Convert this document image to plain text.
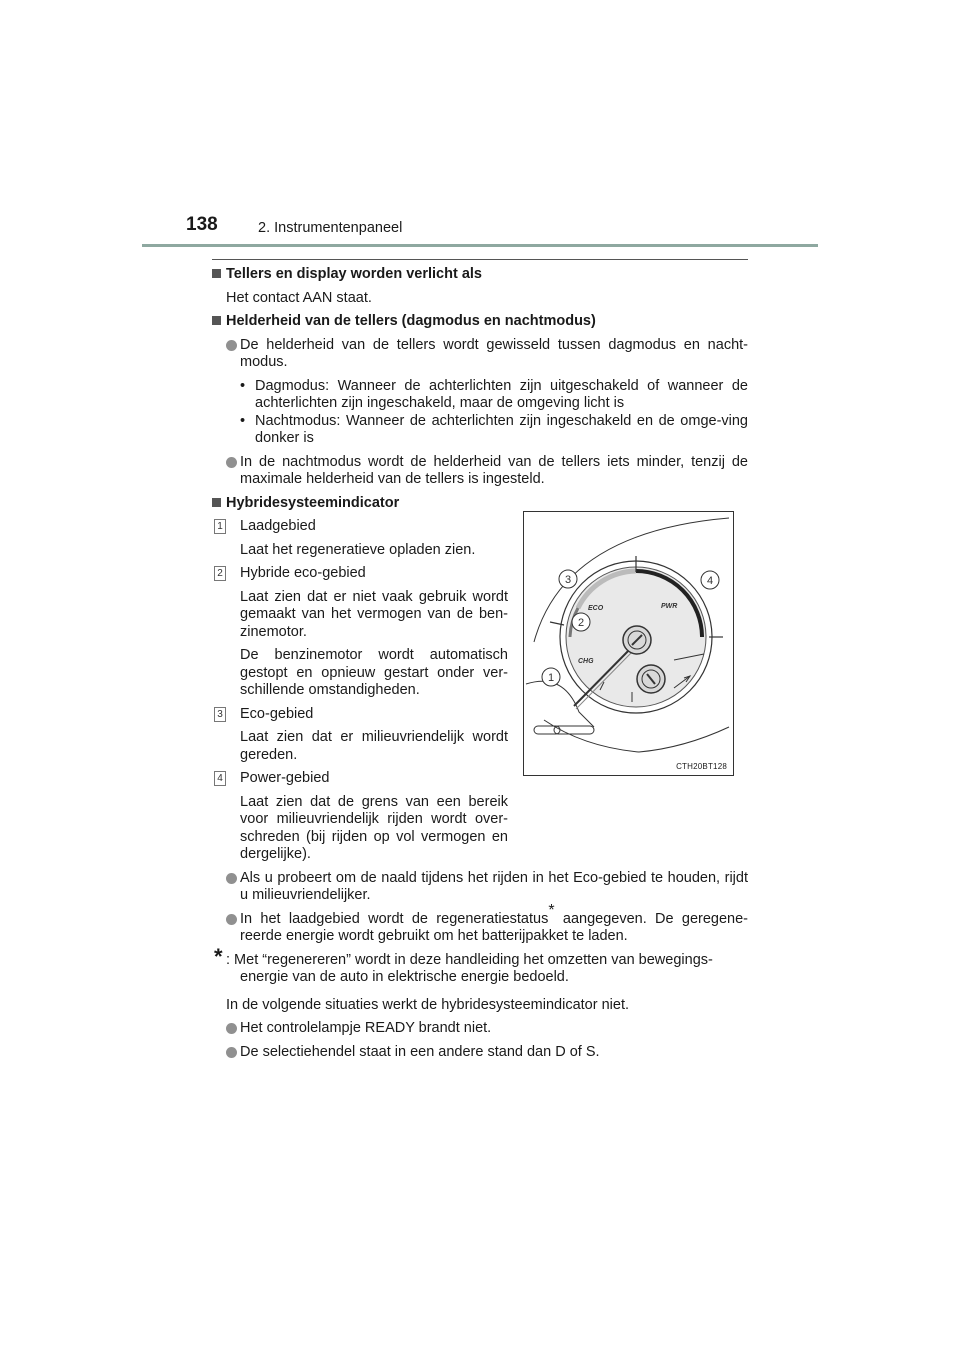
138	2. Instrumentenpaneel

Tellers en display worden verlicht als

Het contact AAN staat.

Helderheid van de tellers (dagmodus en nachtmodus)

De helderheid van de tellers wordt gewisseld tussen dagmodus en nacht-modus.

• Dagmodus: Wanneer de achterlichten zijn uitgeschakeld of wanneer de achterlichten zijn ingeschakeld, maar de omgeving licht is

• Nachtmodus: Wanneer de achterlichten zijn ingeschakeld en de omge-ving donker is

In de nachtmodus wordt de helderheid van de tellers iets minder, tenzij de maximale helderheid van de tellers is ingesteld.

Hybridesysteemindicator

1 Laadgebied

Laat het regeneratieve opladen zien.

2 Hybride eco-gebied

Laat zien dat er niet vaak gebruik wordt gemaakt van het vermogen van de ben-zinemotor.

De benzinemotor wordt automatisch gestopt en opnieuw gestart onder ver-schillende omstandigheden.

3 Eco-gebied

Laat zien dat er milieuvriendelijk wordt gereden.

4 Power-gebied

Laat zien dat de grens van een bereik voor milieuvriendelijk rijden wordt over-schreden (bij rijden op vol vermogen en dergelijke).

Als u probeert om de naald tijdens het rijden in het Eco-gebied te houden, rijdt u milieuvriendelijker.

In het laadgebied wordt de regeneratiestatus* aangegeven. De geregene-reerde energie wordt gebruikt om het batterijpakket te laden.

* : Met “regenereren” wordt in deze handleiding het omzetten van bewegings-

energie van de auto in elektrische energie bedoeld.

In de volgende situaties werkt de hybridesysteemindicator niet.

Het controlelampje READY brandt niet.

De selectiehendel staat in een andere stand dan D of S.

ECO	PWR
CHG
3	4
2
1
CTH20BT128
